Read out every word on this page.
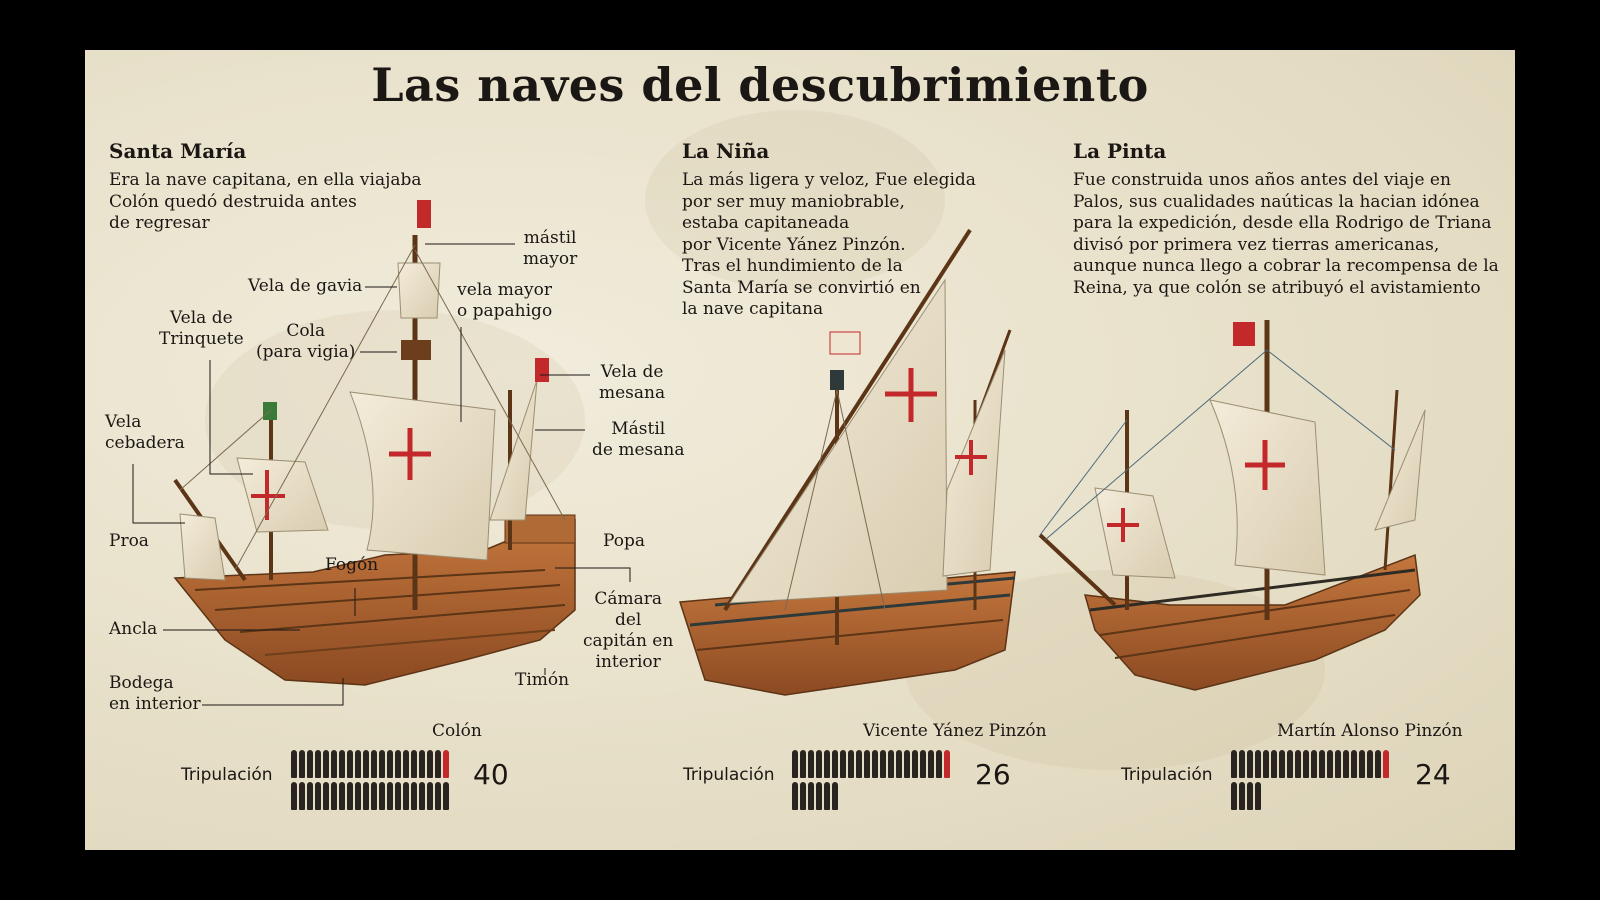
Las naves del descubrimiento
Santa María
Era la nave capitana, en ella viajaba
Colón quedó destruida antes
de regresar
La Niña
La más ligera y veloz, Fue elegida
por ser muy maniobrable,
estaba capitaneada
por Vicente Yánez Pinzón.
Tras el hundimiento de la
Santa María se convirtió en
la nave capitana
La Pinta
Fue construida unos años antes del viaje en
Palos, sus cualidades naúticas la hacian idónea
para la expedición, desde ella Rodrigo de Triana
divisó por primera vez tierras americanas,
aunque nunca llego a cobrar la recompensa de la
Reina, ya que colón se atribuyó el avistamiento
mástil
mayor
Vela de gavia	vela mayor
o papahigo
Vela de
Trinquete	Cola
(para vigia)
Vela de
mesana
Mástil
de mesana
Vela
cebadera
Proa	Popa
Fogón
Ancla
Cámara
del
capitán en
interior
Bodega
en interior
Timón
Colón
Tripulación	40
Vicente Yánez Pinzón
Tripulación	26
Martín Alonso Pinzón
Tripulación	24
